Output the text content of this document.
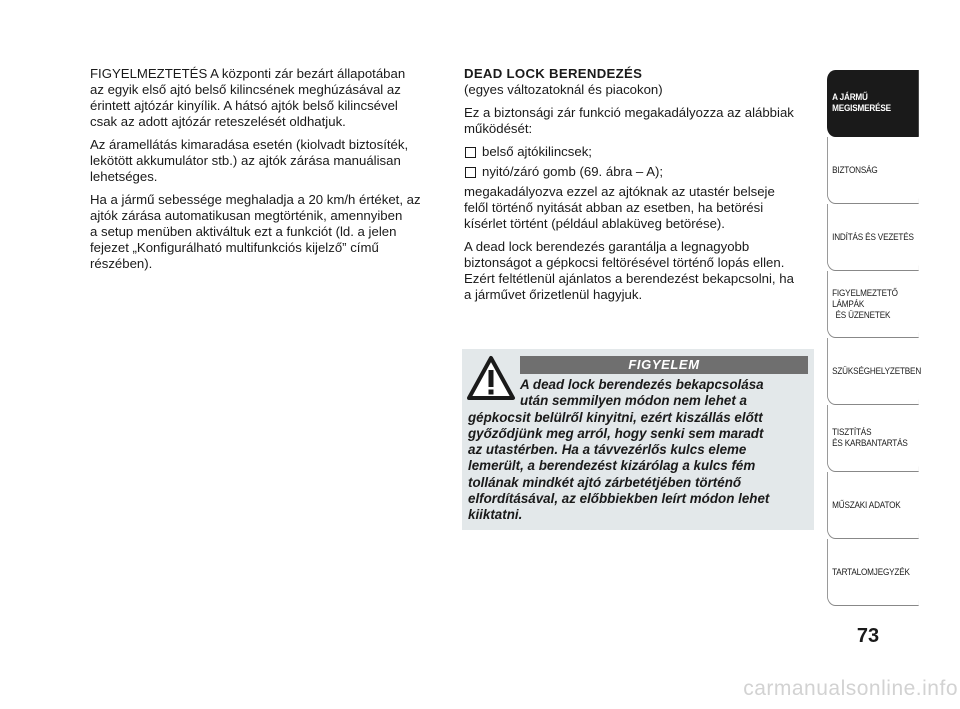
FIGYELMEZTETÉS A központi zár bezárt állapotában
az egyik első ajtó belső kilincsének meghúzásával az
érintett ajtózár kinyílik. A hátsó ajtók belső kilincsével
csak az adott ajtózár reteszelését oldhatjuk.

Az áramellátás kimaradása esetén (kiolvadt biztosíték,
lekötött akkumulátor stb.) az ajtók zárása manuálisan
lehetséges.

Ha a jármű sebessége meghaladja a 20 km/h értéket, az
ajtók zárása automatikusan megtörténik, amennyiben
a setup menüben aktiváltuk ezt a funkciót (ld. a jelen
fejezet „Konfigurálható multifunkciós kijelző” című
részében).

DEAD LOCK BERENDEZÉS

(egyes változatoknál és piacokon)

Ez a biztonsági zár funkció megakadályozza az alábbiak
működését:

belső ajtókilincsek;
nyitó/záró gomb (69. ábra – A);

megakadályozva ezzel az ajtóknak az utastér belseje
felől történő nyitását abban az esetben, ha betörési
kísérlet történt (például ablaküveg betörése).

A dead lock berendezés garantálja a legnagyobb
biztonságot a gépkocsi feltörésével történő lopás ellen.
Ezért feltétlenül ajánlatos a berendezést bekapcsolni, ha
a járművet őrizetlenül hagyjuk.

FIGYELEM
A dead lock berendezés bekapcsolása
után semmilyen módon nem lehet a
gépkocsit belülről kinyitni, ezért kiszállás előtt
győződjünk meg arról, hogy senki sem maradt
az utastérben. Ha a távvezérlős kulcs eleme
lemerült, a berendezést kizárólag a kulcs fém
tollának mindkét ajtó zárbetétjében történő
elfordításával, az előbbiekben leírt módon lehet
kiiktatni.
A JÁRMŰ
MEGISMERÉSE
BIZTONSÁG
INDÍTÁS ÉS VEZETÉS
FIGYELMEZTETŐ
LÁMPÁK
ÉS ÜZENETEK
SZÜKSÉGHELYZETBEN
TISZTÍTÁS
ÉS KARBANTARTÁS
MŰSZAKI ADATOK
TARTALOMJEGYZÉK
73
carmanualsonline.info
